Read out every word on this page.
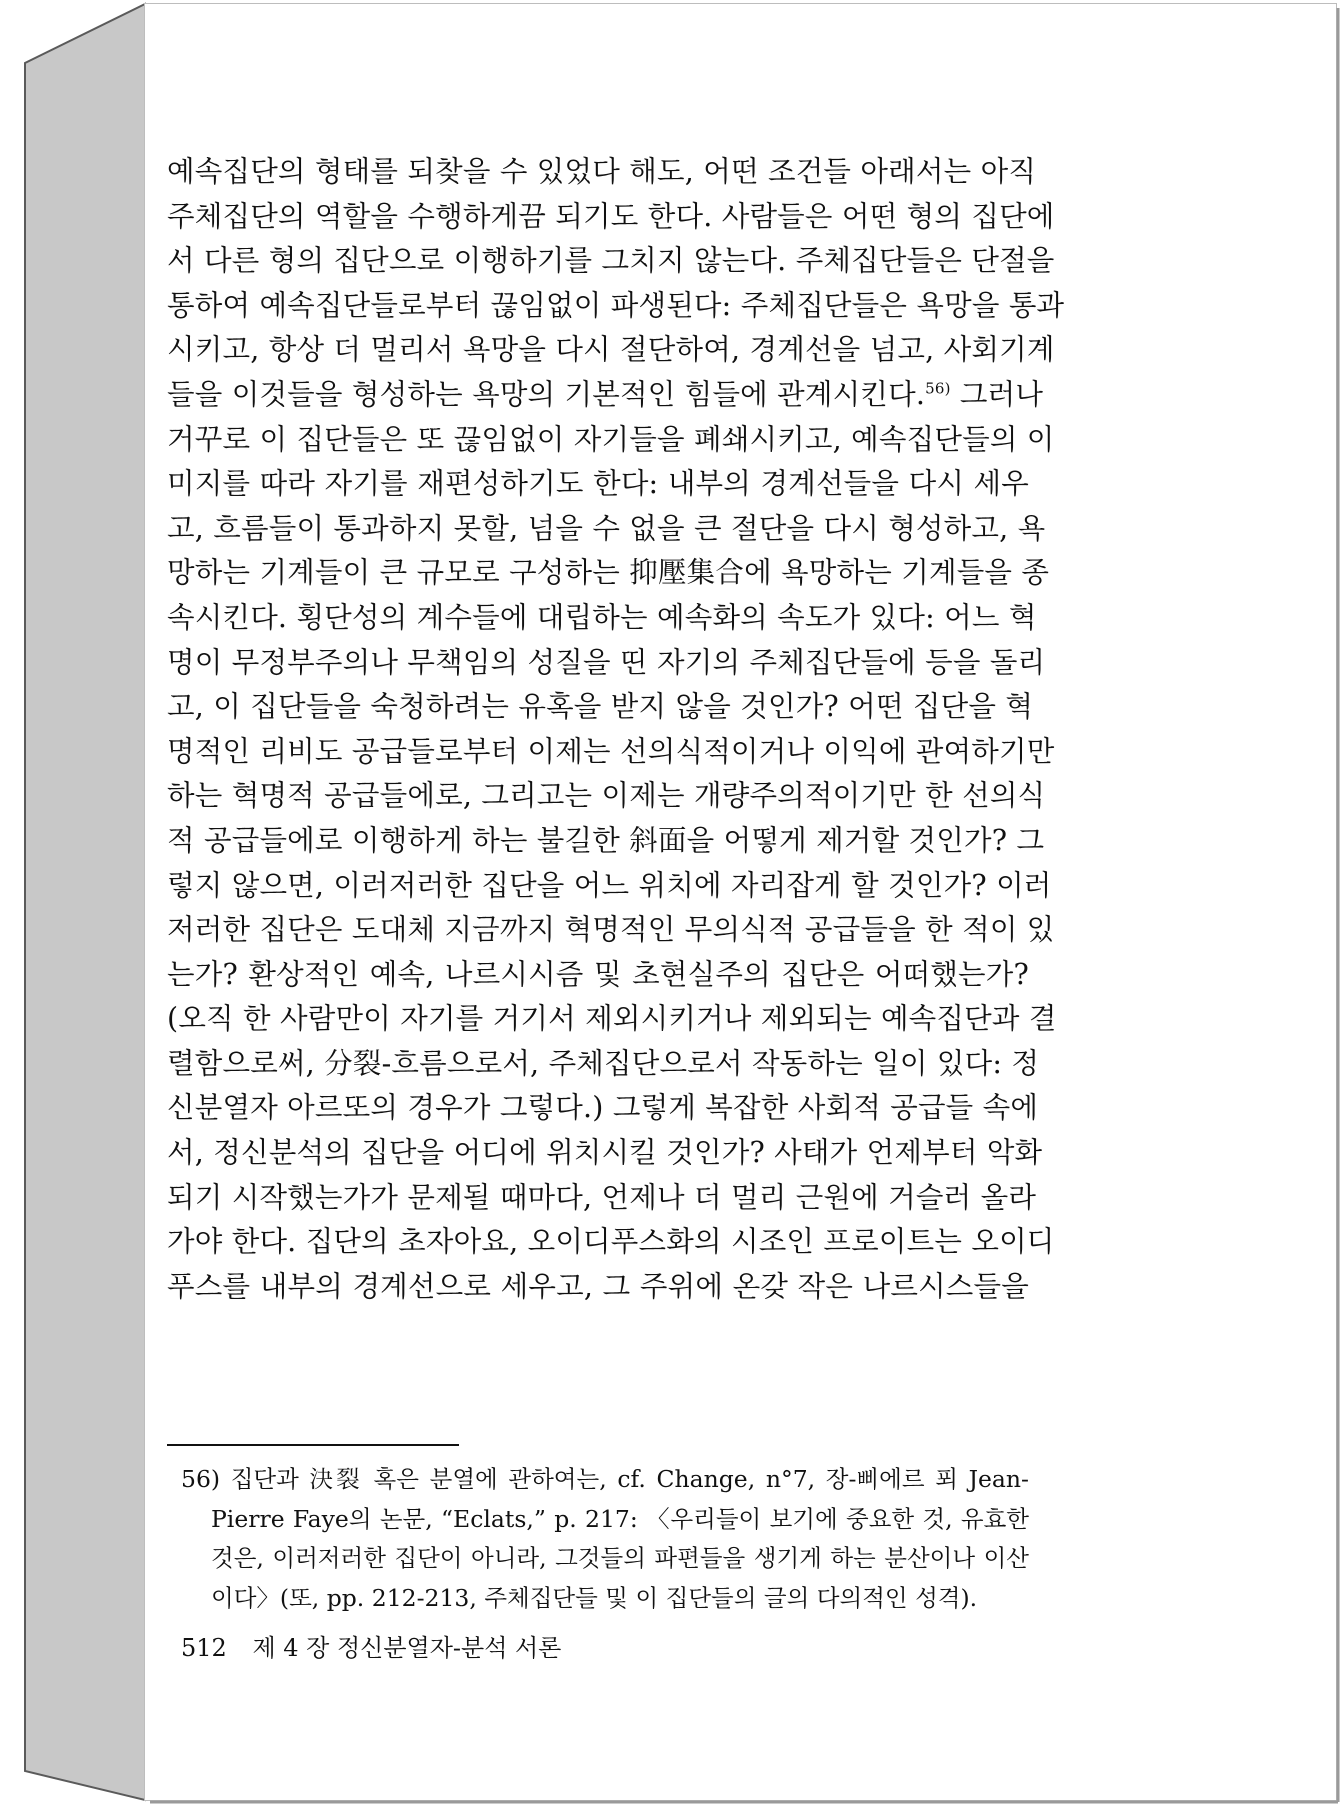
예속집단의 형태를 되찾을 수 있었다 해도, 어떤 조건들 아래서는 아직
주체집단의 역할을 수행하게끔 되기도 한다. 사람들은 어떤 형의 집단에
서 다른 형의 집단으로 이행하기를 그치지 않는다. 주체집단들은 단절을
통하여 예속집단들로부터 끊임없이 파생된다: 주체집단들은 욕망을 통과
시키고, 항상 더 멀리서 욕망을 다시 절단하여, 경계선을 넘고, 사회기계
들을 이것들을 형성하는 욕망의 기본적인 힘들에 관계시킨다.$^{56)}$ 그러나
거꾸로 이 집단들은 또 끊임없이 자기들을 폐쇄시키고, 예속집단들의 이
미지를 따라 자기를 재편성하기도 한다: 내부의 경계선들을 다시 세우
고, 흐름들이 통과하지 못할, 넘을 수 없을 큰 절단을 다시 형성하고, 욕
망하는 기계들이 큰 규모로 구성하는 抑壓集合에 욕망하는 기계들을 종
속시킨다. 횡단성의 계수들에 대립하는 예속화의 속도가 있다: 어느 혁
명이 무정부주의나 무책임의 성질을 띤 자기의 주체집단들에 등을 돌리
고, 이 집단들을 숙청하려는 유혹을 받지 않을 것인가? 어떤 집단을 혁
명적인 리비도 공급들로부터 이제는 선의식적이거나 이익에 관여하기만
하는 혁명적 공급들에로, 그리고는 이제는 개량주의적이기만 한 선의식
적 공급들에로 이행하게 하는 불길한 斜面을 어떻게 제거할 것인가? 그
렇지 않으면, 이러저러한 집단을 어느 위치에 자리잡게 할 것인가? 이러
저러한 집단은 도대체 지금까지 혁명적인 무의식적 공급들을 한 적이 있
는가? 환상적인 예속, 나르시시즘 및 초현실주의 집단은 어떠했는가?
(오직 한 사람만이 자기를 거기서 제외시키거나 제외되는 예속집단과 결
렬함으로써, 分裂-흐름으로서, 주체집단으로서 작동하는 일이 있다: 정
신분열자 아르또의 경우가 그렇다.) 그렇게 복잡한 사회적 공급들 속에
서, 정신분석의 집단을 어디에 위치시킬 것인가? 사태가 언제부터 악화
되기 시작했는가가 문제될 때마다, 언제나 더 멀리 근원에 거슬러 올라
가야 한다. 집단의 초자아요, 오이디푸스화의 시조인 프로이트는 오이디
푸스를 내부의 경계선으로 세우고, 그 주위에 온갖 작은 나르시스들을
56) 집단과 決裂 혹은 분열에 관하여는, cf. Change, n°7, 장-삐에르 푀 Jean-
Pierre Faye의 논문, “Eclats,” p. 217: 〈우리들이 보기에 중요한 것, 유효한
것은, 이러저러한 집단이 아니라, 그것들의 파편들을 생기게 하는 분산이나 이산
이다〉(또, pp. 212-213, 주체집단들 및 이 집단들의 글의 다의적인 성격).
512 제 4 장 정신분열자-분석 서론
